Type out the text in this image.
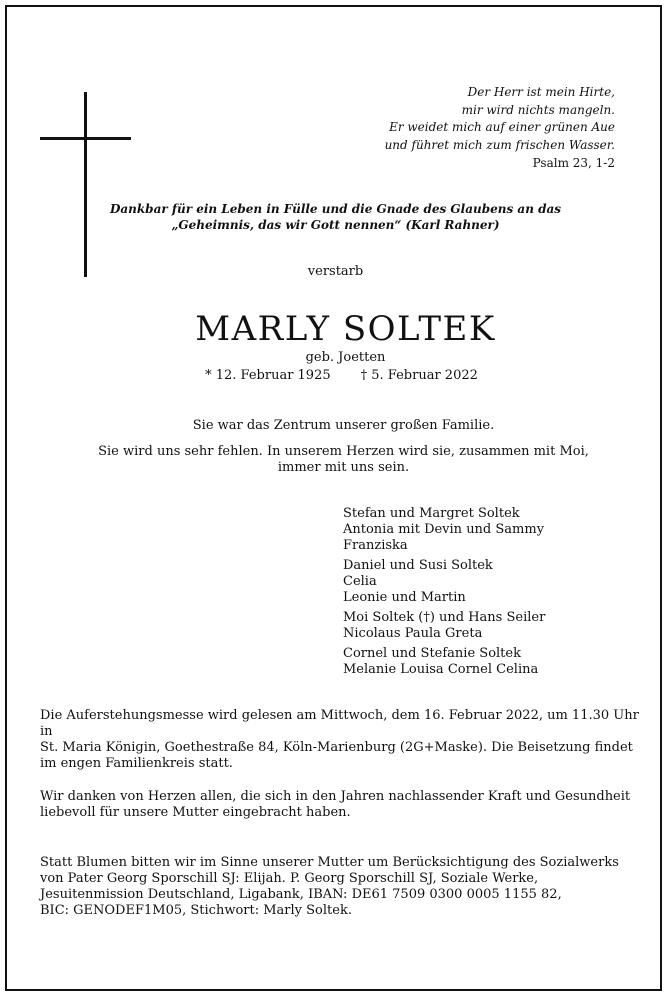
Der Herr ist mein Hirte,
mir wird nichts mangeln.
Er weidet mich auf einer grünen Aue
und führet mich zum frischen Wasser.
Psalm 23, 1-2
Dankbar für ein Leben in Fülle und die Gnade des Glaubens an das
„Geheimnis, das wir Gott nennen“ (Karl Rahner)
verstarb
MARLY SOLTEK
geb. Joetten
* 12. Februar 1925 † 5. Februar 2022
Sie war das Zentrum unserer großen Familie.
Sie wird uns sehr fehlen. In unserem Herzen wird sie, zusammen mit Moi,
immer mit uns sein.
Stefan und Margret Soltek
Antonia mit Devin und Sammy
Franziska
Daniel und Susi Soltek
Celia
Leonie und Martin
Moi Soltek (†) und Hans Seiler
Nicolaus Paula Greta
Cornel und Stefanie Soltek
Melanie Louisa Cornel Celina
Die Auferstehungsmesse wird gelesen am Mittwoch, dem 16. Februar 2022, um 11.30 Uhr in
St. Maria Königin, Goethestraße 84, Köln-Marienburg (2G+Maske). Die Beisetzung findet
im engen Familienkreis statt.
Wir danken von Herzen allen, die sich in den Jahren nachlassender Kraft und Gesundheit
liebevoll für unsere Mutter eingebracht haben.
Statt Blumen bitten wir im Sinne unserer Mutter um Berücksichtigung des Sozialwerks
von Pater Georg Sporschill SJ: Elijah. P. Georg Sporschill SJ, Soziale Werke,
Jesuitenmission Deutschland, Ligabank, IBAN: DE61 7509 0300 0005 1155 82,
BIC: GENODEF1M05, Stichwort: Marly Soltek.
